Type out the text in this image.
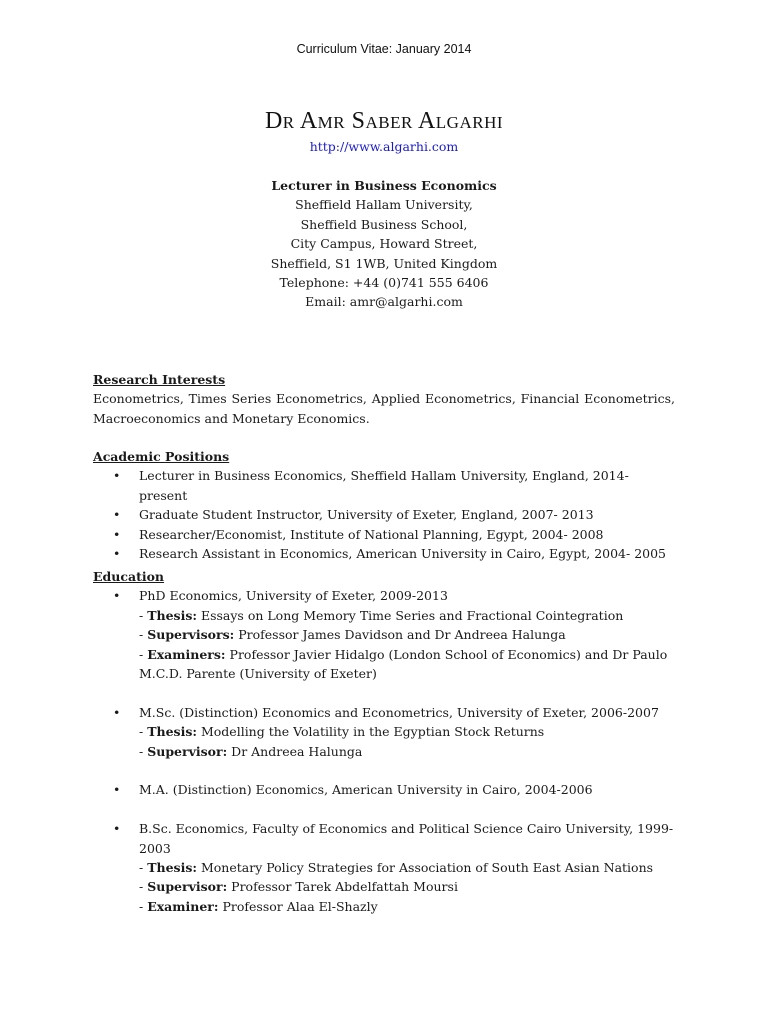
Curriculum Vitae: January 2014
Dr Amr Saber Algarhi
http://www.algarhi.com
Lecturer in Business Economics
Sheffield Hallam University,
Sheffield Business School,
City Campus, Howard Street,
Sheffield, S1 1WB, United Kingdom
Telephone: +44 (0)741 555 6406
Email: amr@algarhi.com
Research Interests
Econometrics, Times Series Econometrics, Applied Econometrics, Financial Econometrics, Macroeconomics and Monetary Economics.
Academic Positions
• Lecturer in Business Economics, Sheffield Hallam University, England, 2014- present
• Graduate Student Instructor, University of Exeter, England, 2007- 2013
• Researcher/Economist, Institute of National Planning, Egypt, 2004- 2008
• Research Assistant in Economics, American University in Cairo, Egypt, 2004- 2005
Education
• PhD Economics, University of Exeter, 2009-2013
- Thesis: Essays on Long Memory Time Series and Fractional Cointegration
- Supervisors: Professor James Davidson and Dr Andreea Halunga
- Examiners: Professor Javier Hidalgo (London School of Economics) and Dr Paulo M.C.D. Parente (University of Exeter)
• M.Sc. (Distinction) Economics and Econometrics, University of Exeter, 2006-2007
- Thesis: Modelling the Volatility in the Egyptian Stock Returns
- Supervisor: Dr Andreea Halunga
• M.A. (Distinction) Economics, American University in Cairo, 2004-2006
• B.Sc. Economics, Faculty of Economics and Political Science Cairo University, 1999-2003
- Thesis: Monetary Policy Strategies for Association of South East Asian Nations
- Supervisor: Professor Tarek Abdelfattah Moursi
- Examiner: Professor Alaa El-Shazly
